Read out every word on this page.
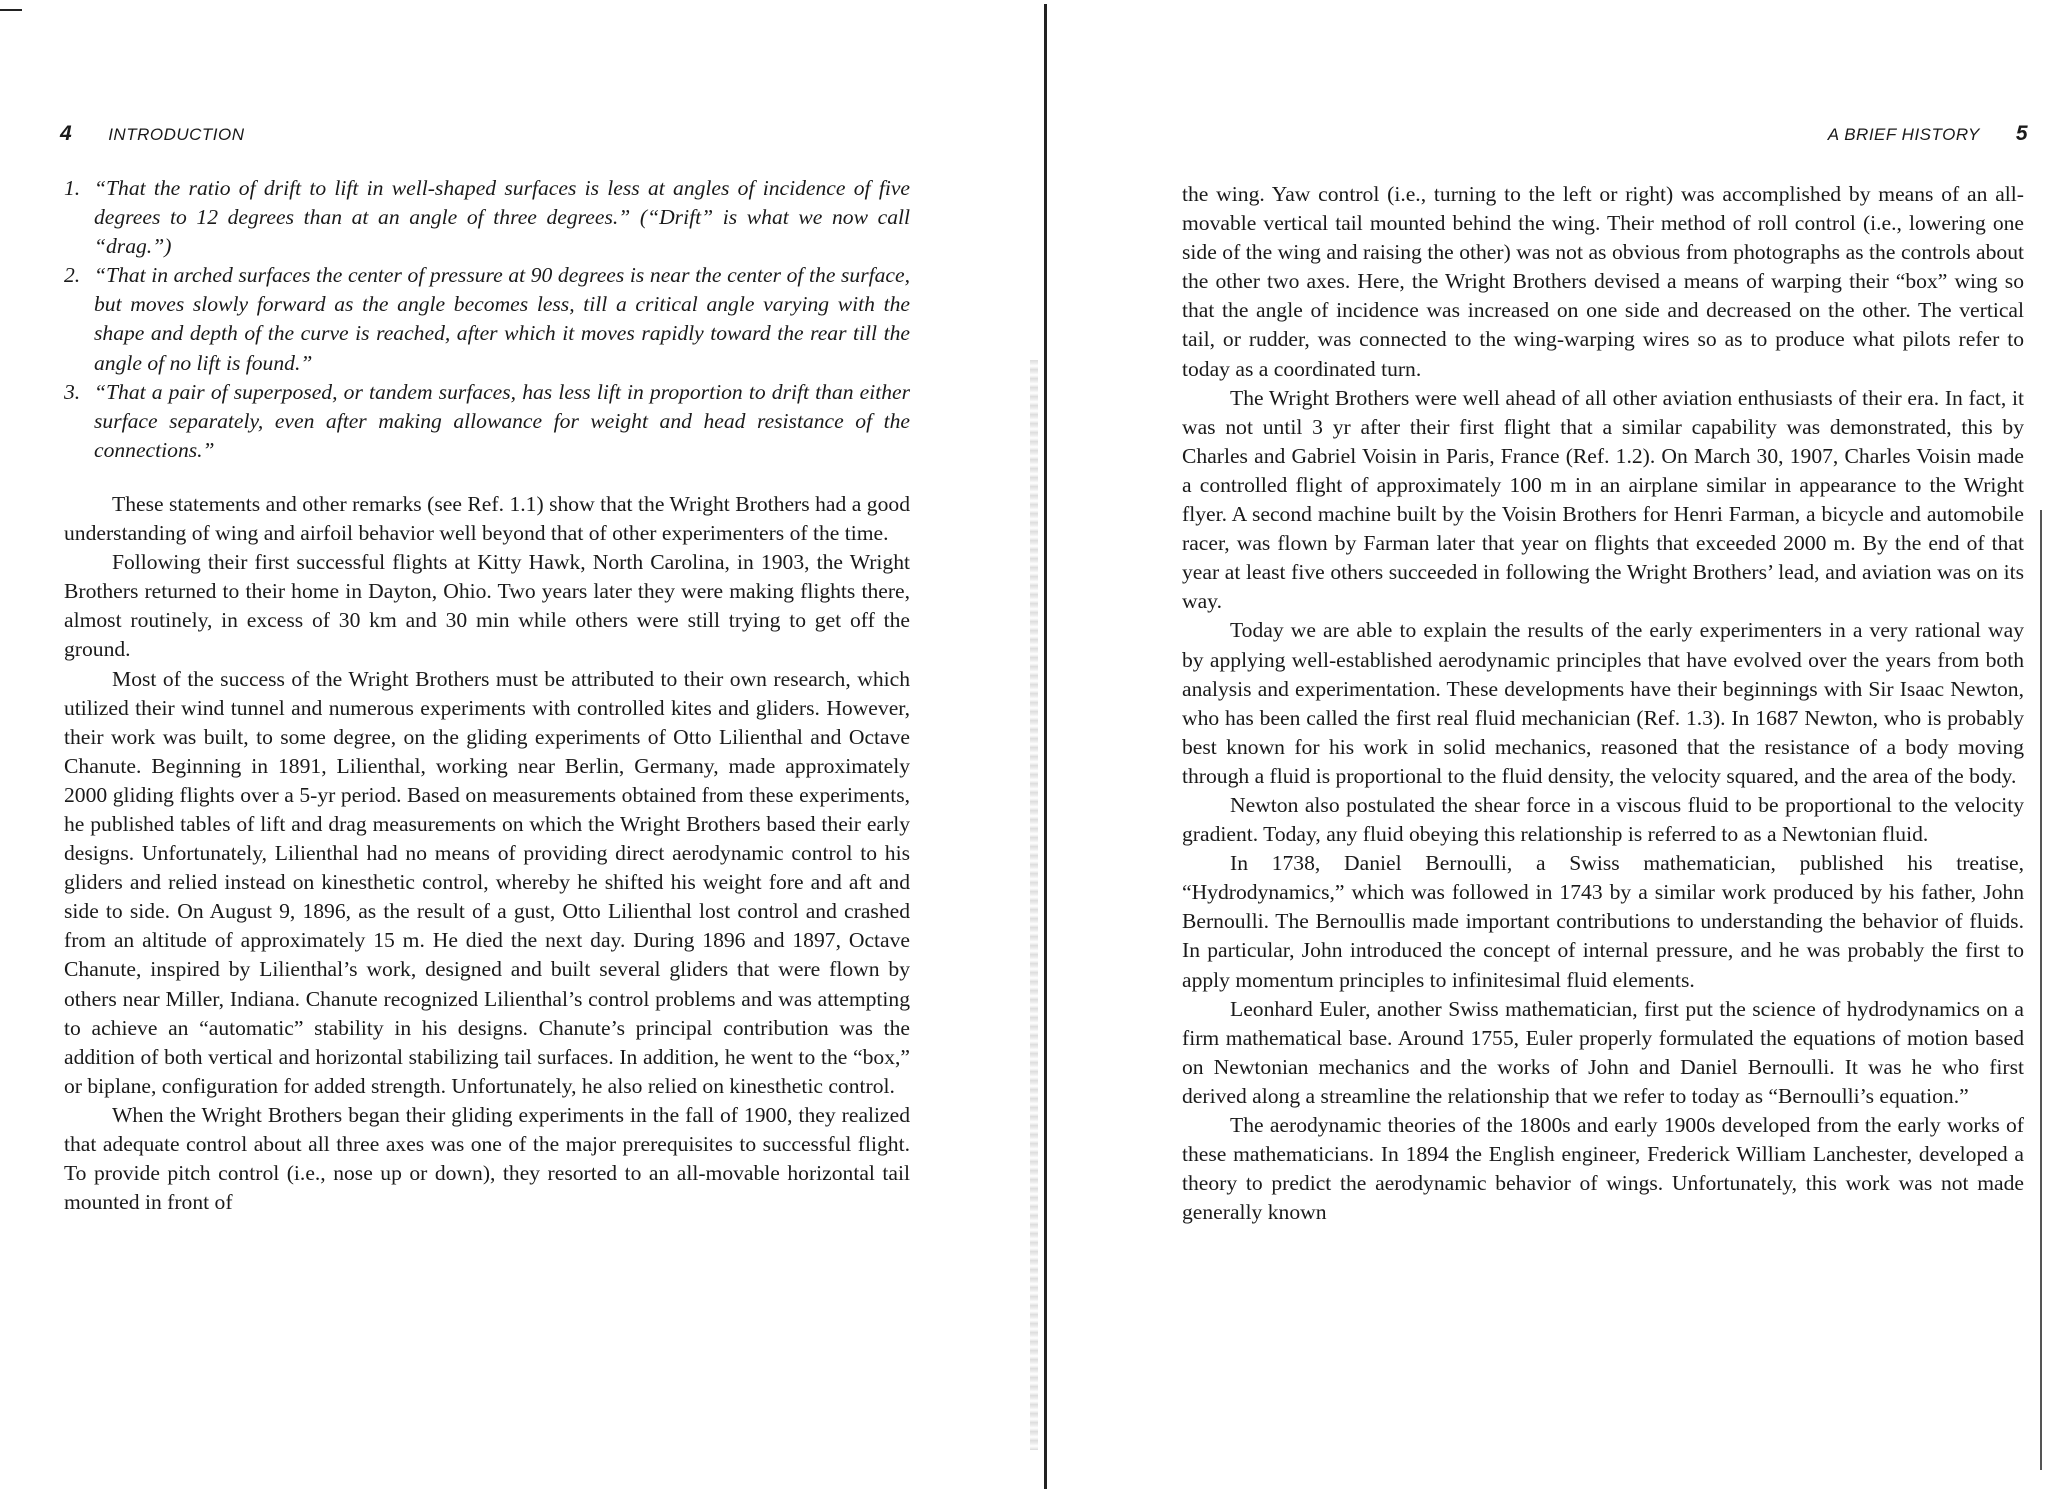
4 INTRODUCTION
1. “That the ratio of drift to lift in well-shaped surfaces is less at angles of incidence of five degrees to 12 degrees than at an angle of three degrees.” (“Drift” is what we now call “drag.”)
2. “That in arched surfaces the center of pressure at 90 degrees is near the center of the surface, but moves slowly forward as the angle becomes less, till a critical angle varying with the shape and depth of the curve is reached, after which it moves rapidly toward the rear till the angle of no lift is found.”
3. “That a pair of superposed, or tandem surfaces, has less lift in proportion to drift than either surface separately, even after making allowance for weight and head resistance of the connections.”

These statements and other remarks (see Ref. 1.1) show that the Wright Brothers had a good understanding of wing and airfoil behavior well beyond that of other experimenters of the time.

Following their first successful flights at Kitty Hawk, North Carolina, in 1903, the Wright Brothers returned to their home in Dayton, Ohio. Two years later they were making flights there, almost routinely, in excess of 30 km and 30 min while others were still trying to get off the ground.

Most of the success of the Wright Brothers must be attributed to their own research, which utilized their wind tunnel and numerous experiments with controlled kites and gliders. However, their work was built, to some degree, on the gliding experiments of Otto Lilienthal and Octave Chanute. Beginning in 1891, Lilienthal, working near Berlin, Germany, made approximately 2000 gliding flights over a 5-yr period. Based on measurements obtained from these experiments, he published tables of lift and drag measurements on which the Wright Brothers based their early designs. Unfortunately, Lilienthal had no means of providing direct aerodynamic control to his gliders and relied instead on kinesthetic control, whereby he shifted his weight fore and aft and side to side. On August 9, 1896, as the result of a gust, Otto Lilienthal lost control and crashed from an altitude of approximately 15 m. He died the next day. During 1896 and 1897, Octave Chanute, inspired by Lilienthal’s work, designed and built several gliders that were flown by others near Miller, Indiana. Chanute recognized Lilienthal’s control problems and was attempting to achieve an “automatic” stability in his designs. Chanute’s principal contribution was the addition of both vertical and horizontal stabilizing tail surfaces. In addition, he went to the “box,” or biplane, configuration for added strength. Unfortunately, he also relied on kinesthetic control.

When the Wright Brothers began their gliding experiments in the fall of 1900, they realized that adequate control about all three axes was one of the major prerequisites to successful flight. To provide pitch control (i.e., nose up or down), they resorted to an all-movable horizontal tail mounted in front of

A BRIEF HISTORY 5

the wing. Yaw control (i.e., turning to the left or right) was accomplished by means of an all-movable vertical tail mounted behind the wing. Their method of roll control (i.e., lowering one side of the wing and raising the other) was not as obvious from photographs as the controls about the other two axes. Here, the Wright Brothers devised a means of warping their “box” wing so that the angle of incidence was increased on one side and decreased on the other. The vertical tail, or rudder, was connected to the wing-warping wires so as to produce what pilots refer to today as a coordinated turn.

The Wright Brothers were well ahead of all other aviation enthusiasts of their era. In fact, it was not until 3 yr after their first flight that a similar capability was demonstrated, this by Charles and Gabriel Voisin in Paris, France (Ref. 1.2). On March 30, 1907, Charles Voisin made a controlled flight of approximately 100 m in an airplane similar in appearance to the Wright flyer. A second machine built by the Voisin Brothers for Henri Farman, a bicycle and automobile racer, was flown by Farman later that year on flights that exceeded 2000 m. By the end of that year at least five others succeeded in following the Wright Brothers’ lead, and aviation was on its way.

Today we are able to explain the results of the early experimenters in a very rational way by applying well-established aerodynamic principles that have evolved over the years from both analysis and experimentation. These developments have their beginnings with Sir Isaac Newton, who has been called the first real fluid mechanician (Ref. 1.3). In 1687 Newton, who is probably best known for his work in solid mechanics, reasoned that the resistance of a body moving through a fluid is proportional to the fluid density, the velocity squared, and the area of the body.

Newton also postulated the shear force in a viscous fluid to be proportional to the velocity gradient. Today, any fluid obeying this relationship is referred to as a Newtonian fluid.

In 1738, Daniel Bernoulli, a Swiss mathematician, published his treatise, “Hydrodynamics,” which was followed in 1743 by a similar work produced by his father, John Bernoulli. The Bernoullis made important contributions to understanding the behavior of fluids. In particular, John introduced the concept of internal pressure, and he was probably the first to apply momentum principles to infinitesimal fluid elements.

Leonhard Euler, another Swiss mathematician, first put the science of hydrodynamics on a firm mathematical base. Around 1755, Euler properly formulated the equations of motion based on Newtonian mechanics and the works of John and Daniel Bernoulli. It was he who first derived along a streamline the relationship that we refer to today as “Bernoulli’s equation.”

The aerodynamic theories of the 1800s and early 1900s developed from the early works of these mathematicians. In 1894 the English engineer, Frederick William Lanchester, developed a theory to predict the aerodynamic behavior of wings. Unfortunately, this work was not made generally known
